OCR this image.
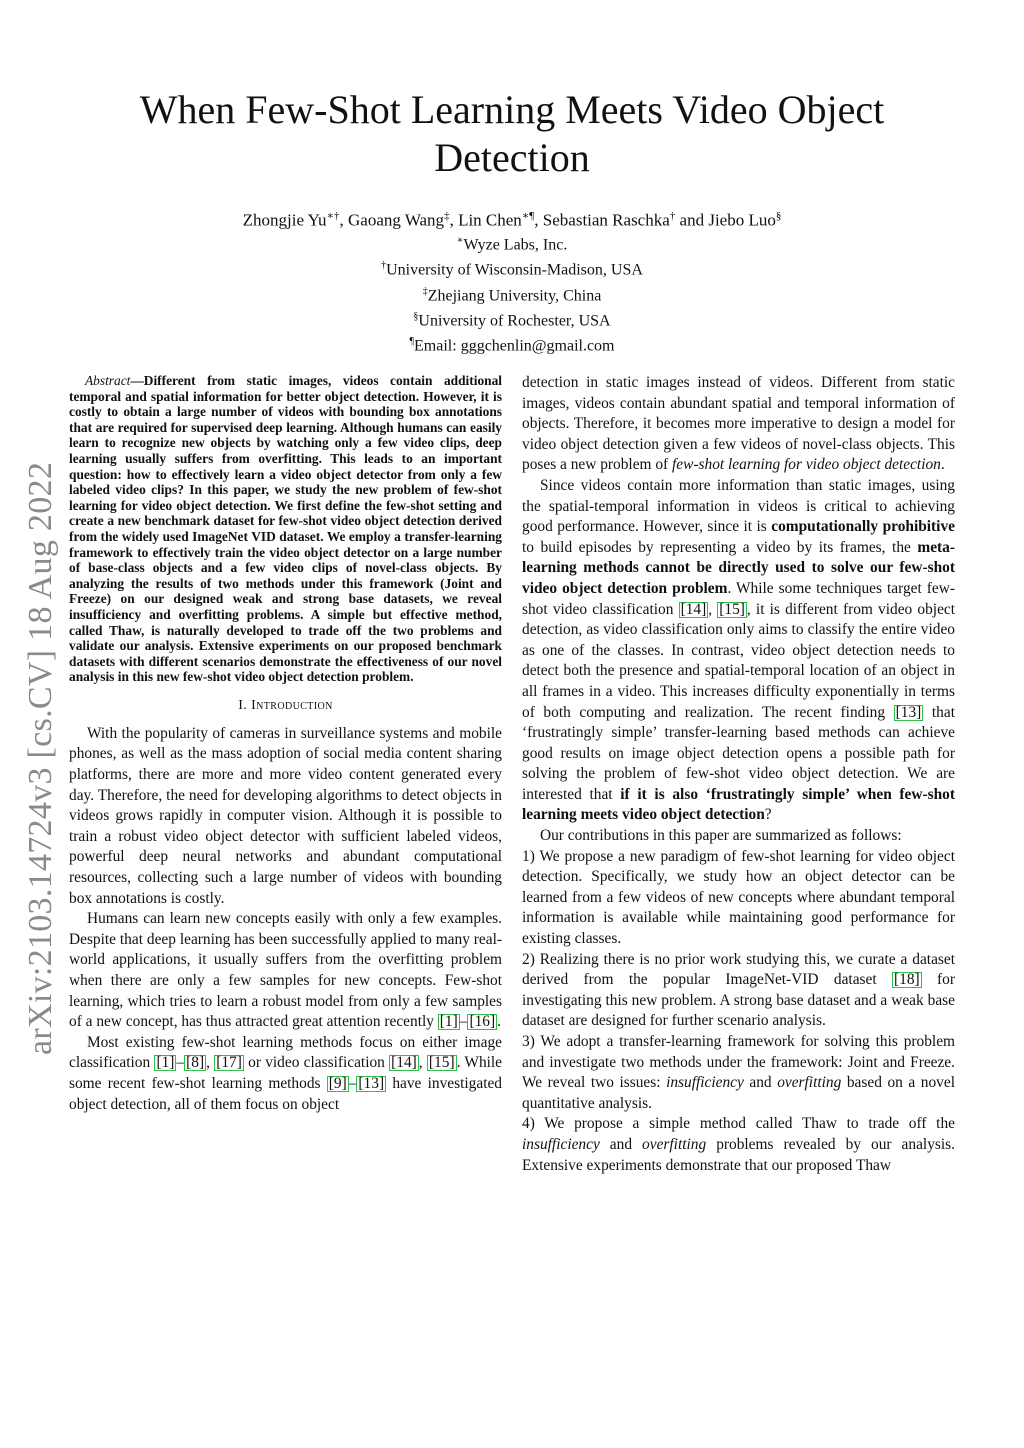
When Few-Shot Learning Meets Video Object Detection
Zhongjie Yu∗†, Gaoang Wang‡, Lin Chen∗¶, Sebastian Raschka† and Jiebo Luo§
∗Wyze Labs, Inc.
†University of Wisconsin-Madison, USA
‡Zhejiang University, China
§University of Rochester, USA
¶Email: gggchenlin@gmail.com
arXiv:2103.14724v3 [cs.CV] 18 Aug 2022

Abstract—Different from static images, videos contain additional temporal and spatial information for better object detection. However, it is costly to obtain a large number of videos with bounding box annotations that are required for supervised deep learning. Although humans can easily learn to recognize new objects by watching only a few video clips, deep learning usually suffers from overfitting. This leads to an important question: how to effectively learn a video object detector from only a few labeled video clips? In this paper, we study the new problem of few-shot learning for video object detection. We first define the few-shot setting and create a new benchmark dataset for few-shot video object detection derived from the widely used ImageNet VID dataset. We employ a transfer-learning framework to effectively train the video object detector on a large number of base-class objects and a few video clips of novel-class objects. By analyzing the results of two methods under this framework (Joint and Freeze) on our designed weak and strong base datasets, we reveal insufficiency and overfitting problems. A simple but effective method, called Thaw, is naturally developed to trade off the two problems and validate our analysis. Extensive experiments on our proposed benchmark datasets with different scenarios demonstrate the effectiveness of our novel analysis in this new few-shot video object detection problem.

I. Introduction

With the popularity of cameras in surveillance systems and mobile phones, as well as the mass adoption of social media content sharing platforms, there are more and more video content generated every day. Therefore, the need for developing algorithms to detect objects in videos grows rapidly in computer vision. Although it is possible to train a robust video object detector with sufficient labeled videos, powerful deep neural networks and abundant computational resources, collecting such a large number of videos with bounding box annotations is costly.

Humans can learn new concepts easily with only a few examples. Despite that deep learning has been successfully applied to many real-world applications, it usually suffers from the overfitting problem when there are only a few samples for new concepts. Few-shot learning, which tries to learn a robust model from only a few samples of a new concept, has thus attracted great attention recently [1] – [16] .

Most existing few-shot learning methods focus on either image classification [1] – [8] , [17] or video classification [14] , [15] . While some recent few-shot learning methods [9] – [13] have investigated object detection, all of them focus on object

detection in static images instead of videos. Different from static images, videos contain abundant spatial and temporal information of objects. Therefore, it becomes more imperative to design a model for video object detection given a few videos of novel-class objects. This poses a new problem of few-shot learning for video object detection.

Since videos contain more information than static images, using the spatial-temporal information in videos is critical to achieving good performance. However, since it is computationally prohibitive to build episodes by representing a video by its frames, the meta-learning methods cannot be directly used to solve our few-shot video object detection problem. While some techniques target few-shot video classification [14] , [15] , it is different from video object detection, as video classification only aims to classify the entire video as one of the classes. In contrast, video object detection needs to detect both the presence and spatial-temporal location of an object in all frames in a video. This increases difficulty exponentially in terms of both computing and realization. The recent finding [13] that ‘frustratingly simple’ transfer-learning based methods can achieve good results on image object detection opens a possible path for solving the problem of few-shot video object detection. We are interested that if it is also ‘frustratingly simple’ when few-shot learning meets video object detection?

Our contributions in this paper are summarized as follows:

1) We propose a new paradigm of few-shot learning for video object detection. Specifically, we study how an object detector can be learned from a few videos of new concepts where abundant temporal information is available while maintaining good performance for existing classes.

2) Realizing there is no prior work studying this, we curate a dataset derived from the popular ImageNet-VID dataset [18] for investigating this new problem. A strong base dataset and a weak base dataset are designed for further scenario analysis.

3) We adopt a transfer-learning framework for solving this problem and investigate two methods under the framework: Joint and Freeze. We reveal two issues: insufficiency and overfitting based on a novel quantitative analysis.

4) We propose a simple method called Thaw to trade off the insufficiency and overfitting problems revealed by our analysis. Extensive experiments demonstrate that our proposed Thaw
